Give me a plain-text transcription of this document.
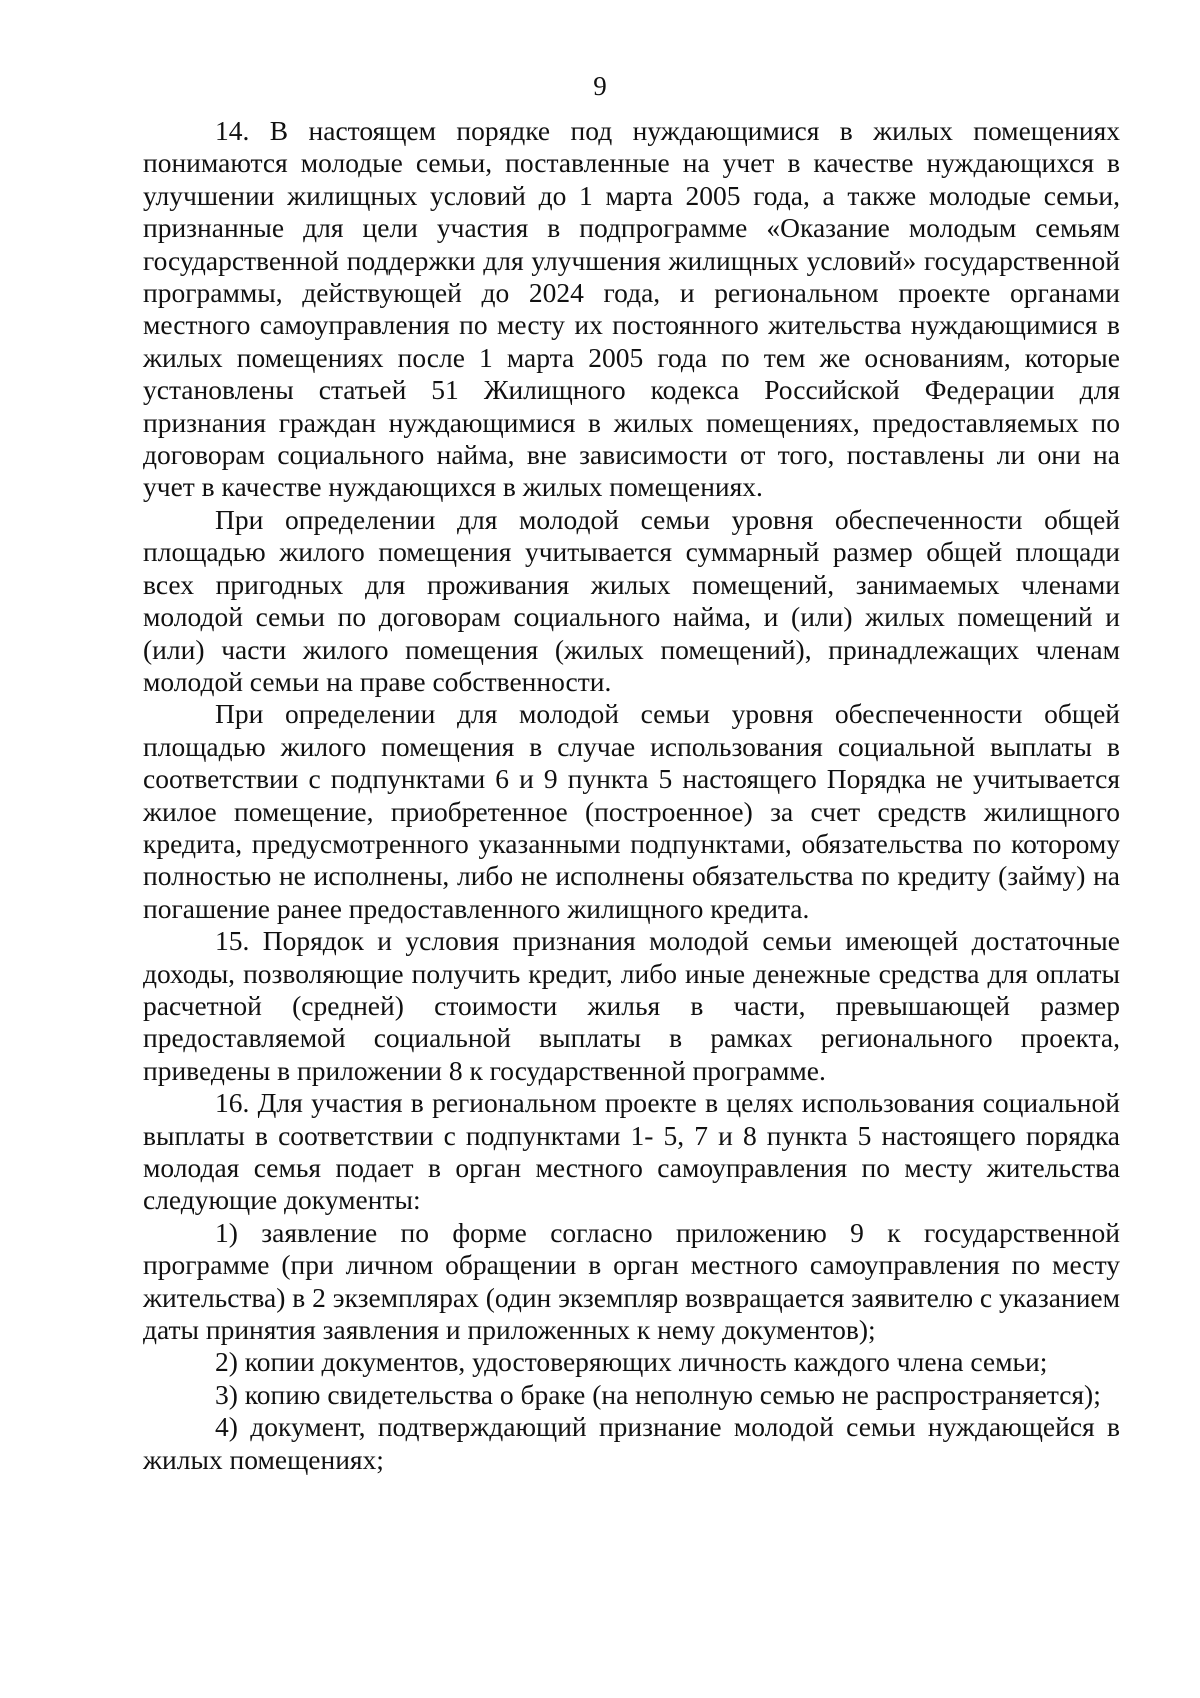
9

14. В настоящем порядке под нуждающимися в жилых помещениях понимаются молодые семьи, поставленные на учет в качестве нуждающихся в улучшении жилищных условий до 1 марта 2005 года, а также молодые семьи, признанные для цели участия в подпрограмме «Оказание молодым семьям государственной поддержки для улучшения жилищных условий» государственной программы, действующей до 2024 года, и региональном проекте органами местного самоуправления по месту их постоянного жительства нуждающимися в жилых помещениях после 1 марта 2005 года по тем же основаниям, которые установлены статьей 51 Жилищного кодекса Российской Федерации для признания граждан нуждающимися в жилых помещениях, предоставляемых по договорам социального найма, вне зависимости от того, поставлены ли они на учет в качестве нуждающихся в жилых помещениях.

При определении для молодой семьи уровня обеспеченности общей площадью жилого помещения учитывается суммарный размер общей площади всех пригодных для проживания жилых помещений, занимаемых членами молодой семьи по договорам социального найма, и (или) жилых помещений и (или) части жилого помещения (жилых помещений), принадлежащих членам молодой семьи на праве собственности.

При определении для молодой семьи уровня обеспеченности общей площадью жилого помещения в случае использования социальной выплаты в соответствии с подпунктами 6 и 9 пункта 5 настоящего Порядка не учитывается жилое помещение, приобретенное (построенное) за счет средств жилищного кредита, предусмотренного указанными подпунктами, обязательства по которому полностью не исполнены, либо не исполнены обязательства по кредиту (займу) на погашение ранее предоставленного жилищного кредита.

15. Порядок и условия признания молодой семьи имеющей достаточные доходы, позволяющие получить кредит, либо иные денежные средства для оплаты расчетной (средней) стоимости жилья в части, превышающей размер предоставляемой социальной выплаты в рамках регионального проекта, приведены в приложении 8 к государственной программе.

16. Для участия в региональном проекте в целях использования социальной выплаты в соответствии с подпунктами 1- 5, 7 и 8 пункта 5 настоящего порядка молодая семья подает в орган местного самоуправления по месту жительства следующие документы:

1) заявление по форме согласно приложению 9 к государственной программе (при личном обращении в орган местного самоуправления по месту жительства) в 2 экземплярах (один экземпляр возвращается заявителю с указанием даты принятия заявления и приложенных к нему документов);

2) копии документов, удостоверяющих личность каждого члена семьи;

3) копию свидетельства о браке (на неполную семью не распространяется);

4) документ, подтверждающий признание молодой семьи нуждающейся в жилых помещениях;
